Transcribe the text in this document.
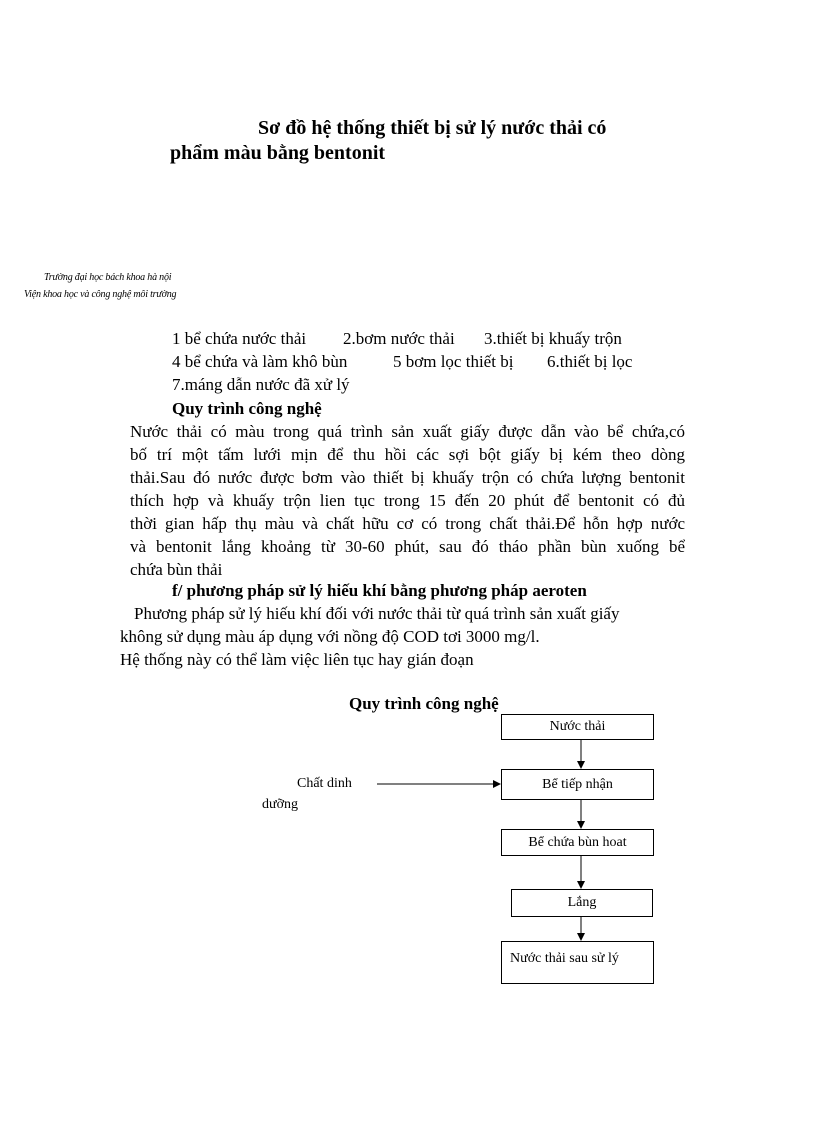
Sơ đồ hệ thống thiết bị sử lý nước thải có
phẩm màu bằng bentonit
Trường đại học bách khoa hà nội
Viện khoa học và công nghệ môi trường
1 bể chứa nước thải 2.bơm nước thải 3.thiết bị khuấy trộn
4 bể chứa và làm khô bùn	5 bơm lọc thiết bị 6.thiết bị lọc
7.máng dẫn nước đã xử lý
Quy trình công nghệ
Nước thải có màu trong quá trình sản xuất giấy được dẫn vào bể chứa,có
bố trí một tấm lưới mịn để thu hồi các sợi bột giấy bị kém theo dòng
thải.Sau đó nước được bơm vào thiết bị khuấy trộn có chứa lượng bentonit
thích hợp và khuấy trộn lien tục trong 15 đến 20 phút để bentonit có đủ
thời gian hấp thụ màu và chất hữu cơ có trong chất thải.Để hỗn hợp nước
và bentonit lắng khoảng từ 30-60 phút, sau đó tháo phần bùn xuống bể
chứa bùn thải
f/ phương pháp sử lý hiếu khí bằng phương pháp aeroten
Phương pháp sử lý hiếu khí đối với nước thải từ quá trình sản xuất giấy
không sử dụng màu áp dụng với nồng độ COD tơi 3000 mg/l.
Hệ thống này có thể làm việc liên tục hay gián đoạn
Quy trình công nghệ
Chất dinh
dưỡng
Nước thải
Bể tiếp nhận
Bể chứa bùn hoat
Lắng
Nước thải sau sử lý
